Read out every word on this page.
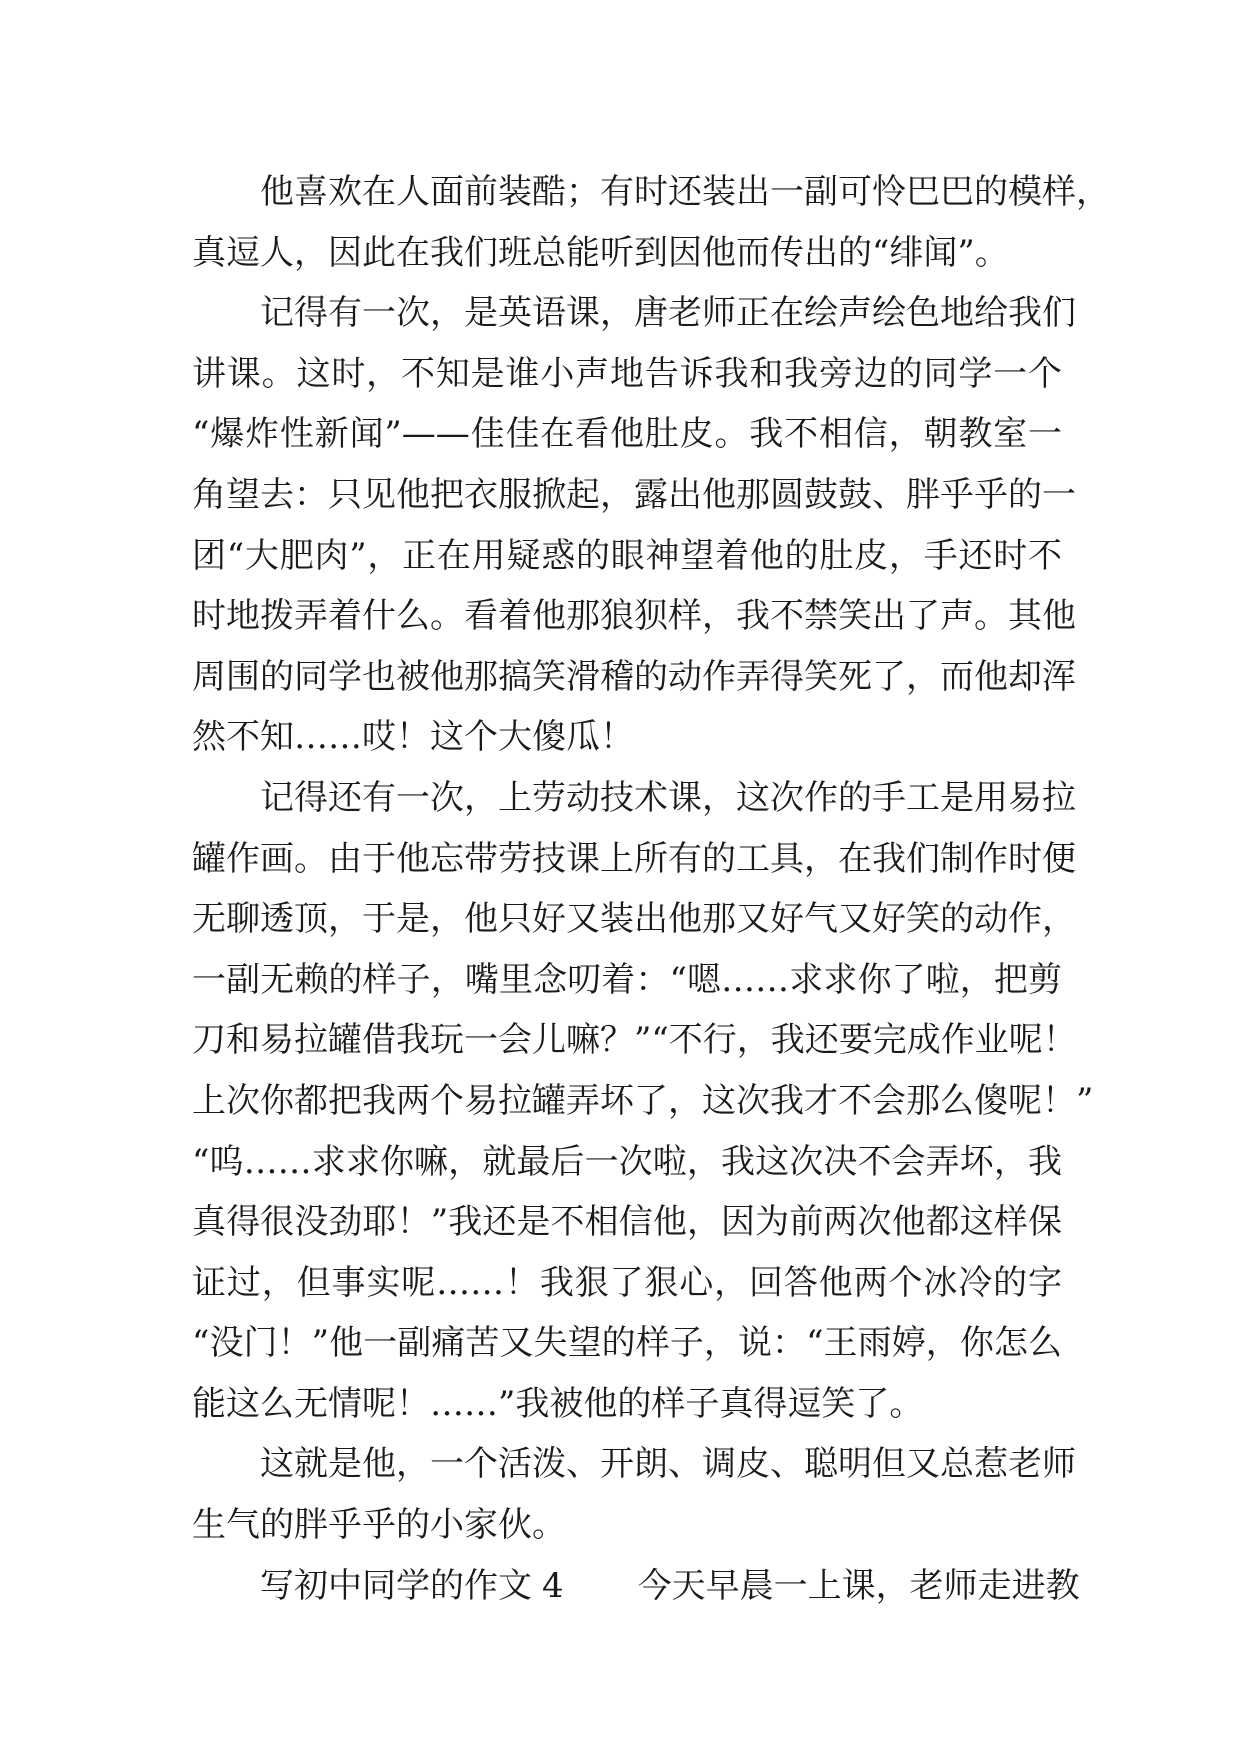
他喜欢在人面前装酷；有时还装出一副可怜巴巴的模样，
真逗人，因此在我们班总能听到因他而传出的“绯闻”。
记得有一次，是英语课，唐老师正在绘声绘色地给我们
讲课。这时，不知是谁小声地告诉我和我旁边的同学一个
“爆炸性新闻”——佳佳在看他肚皮。我不相信，朝教室一
角望去：只见他把衣服掀起，露出他那圆鼓鼓、胖乎乎的一
团“大肥肉”，正在用疑惑的眼神望着他的肚皮，手还时不
时地拨弄着什么。看着他那狼狈样，我不禁笑出了声。其他
周围的同学也被他那搞笑滑稽的动作弄得笑死了，而他却浑
然不知……哎！这个大傻瓜！
记得还有一次，上劳动技术课，这次作的手工是用易拉
罐作画。由于他忘带劳技课上所有的工具，在我们制作时便
无聊透顶，于是，他只好又装出他那又好气又好笑的动作，
一副无赖的样子，嘴里念叨着：“嗯……求求你了啦，把剪
刀和易拉罐借我玩一会儿嘛？”“不行，我还要完成作业呢！
上次你都把我两个易拉罐弄坏了，这次我才不会那么傻呢！”
“呜……求求你嘛，就最后一次啦，我这次决不会弄坏，我
真得很没劲耶！”我还是不相信他，因为前两次他都这样保
证过，但事实呢……！我狠了狠心，回答他两个冰冷的字
“没门！”他一副痛苦又失望的样子，说：“王雨婷，你怎么
能这么无情呢！……”我被他的样子真得逗笑了。
这就是他，一个活泼、开朗、调皮、聪明但又总惹老师
生气的胖乎乎的小家伙。
写初中同学的作文 4 今天早晨一上课，老师走进教
